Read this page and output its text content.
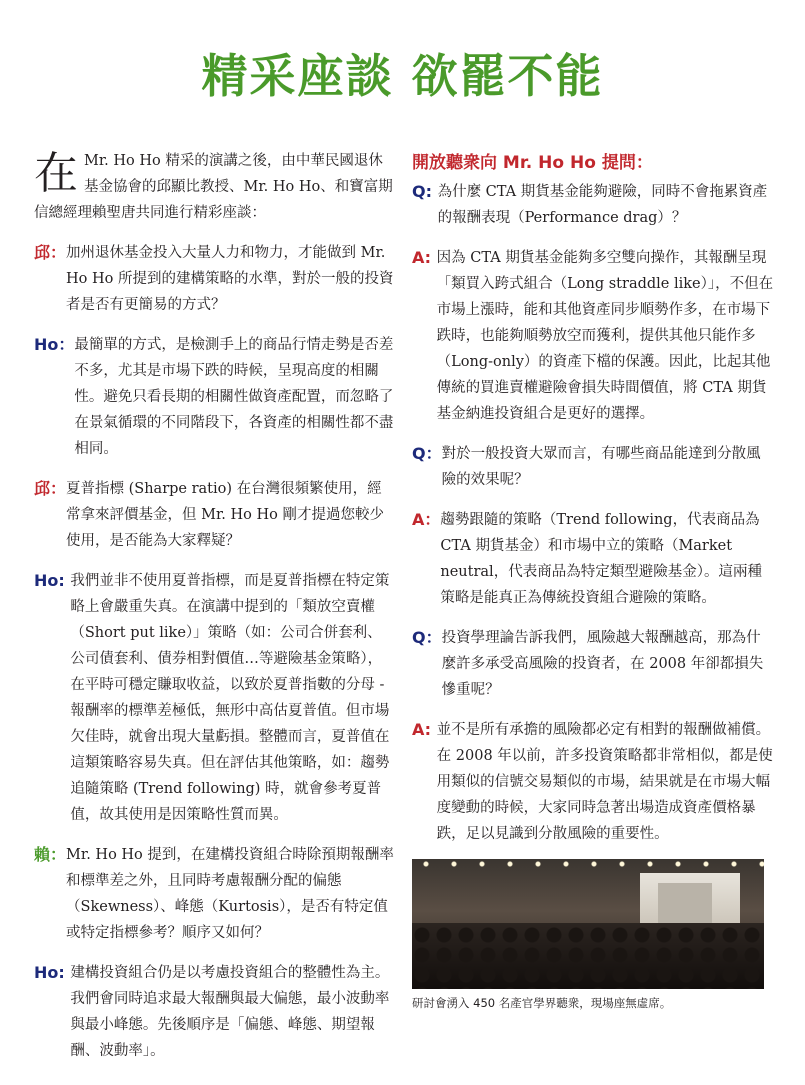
精采座談 欲罷不能
在 Mr. Ho Ho 精采的演講之後，由中華民國退休基金協會的邱顯比教授、Mr. Ho Ho、和寶富期信總經理賴聖唐共同進行精彩座談：
邱： 加州退休基金投入大量人力和物力，才能做到 Mr. Ho Ho 所提到的建構策略的水準，對於一般的投資者是否有更簡易的方式？
Ho： 最簡單的方式，是檢測手上的商品行情走勢是否差不多，尤其是市場下跌的時候，呈現高度的相關性。避免只看長期的相關性做資產配置，而忽略了在景氣循環的不同階段下，各資產的相關性都不盡相同。
邱： 夏普指標 (Sharpe ratio) 在台灣很頻繁使用，經常拿來評價基金，但 Mr. Ho Ho 剛才提過您較少使用，是否能為大家釋疑？
Ho: 我們並非不使用夏普指標，而是夏普指標在特定策略上會嚴重失真。在演講中提到的「類放空賣權（Short put like）」策略（如：公司合併套利、公司債套利、債券相對價值…等避險基金策略），在平時可穩定賺取收益，以致於夏普指數的分母 - 報酬率的標準差極低，無形中高估夏普值。但市場欠佳時，就會出現大量虧損。整體而言，夏普值在這類策略容易失真。但在評估其他策略，如：趨勢追隨策略 (Trend following) 時，就會參考夏普值，故其使用是因策略性質而異。
賴： Mr. Ho Ho 提到，在建構投資組合時除預期報酬率和標準差之外，且同時考慮報酬分配的偏態（Skewness）、峰態（Kurtosis），是否有特定值或特定指標參考？順序又如何？
Ho: 建構投資組合仍是以考慮投資組合的整體性為主。我們會同時追求最大報酬與最大偏態，最小波動率與最小峰態。先後順序是「偏態、峰態、期望報酬、波動率」。
開放聽衆向 Mr. Ho Ho 提問：
Q: 為什麼 CTA 期貨基金能夠避險，同時不會拖累資產的報酬表現（Performance drag）？
A: 因為 CTA 期貨基金能夠多空雙向操作，其報酬呈現「類買入跨式組合（Long straddle like）」，不但在市場上漲時，能和其他資產同步順勢作多，在市場下跌時，也能夠順勢放空而獲利，提供其他只能作多（Long-only）的資產下檔的保護。因此，比起其他傳統的買進賣權避險會損失時間價值，將 CTA 期貨基金納進投資組合是更好的選擇。
Q： 對於一般投資大眾而言，有哪些商品能達到分散風險的效果呢？
A： 趨勢跟隨的策略（Trend following，代表商品為 CTA 期貨基金）和市場中立的策略（Market neutral，代表商品為特定類型避險基金）。這兩種策略是能真正為傳統投資組合避險的策略。
Q： 投資學理論告訴我們，風險越大報酬越高，那為什麼許多承受高風險的投資者，在 2008 年卻都損失慘重呢？
A: 並不是所有承擔的風險都必定有相對的報酬做補償。在 2008 年以前，許多投資策略都非常相似，都是使用類似的信號交易類似的市場，結果就是在市場大幅度變動的時候，大家同時急著出場造成資產價格暴跌，足以見識到分散風險的重要性。
研討會湧入 450 名產官學界聽衆，現場座無虛席。
